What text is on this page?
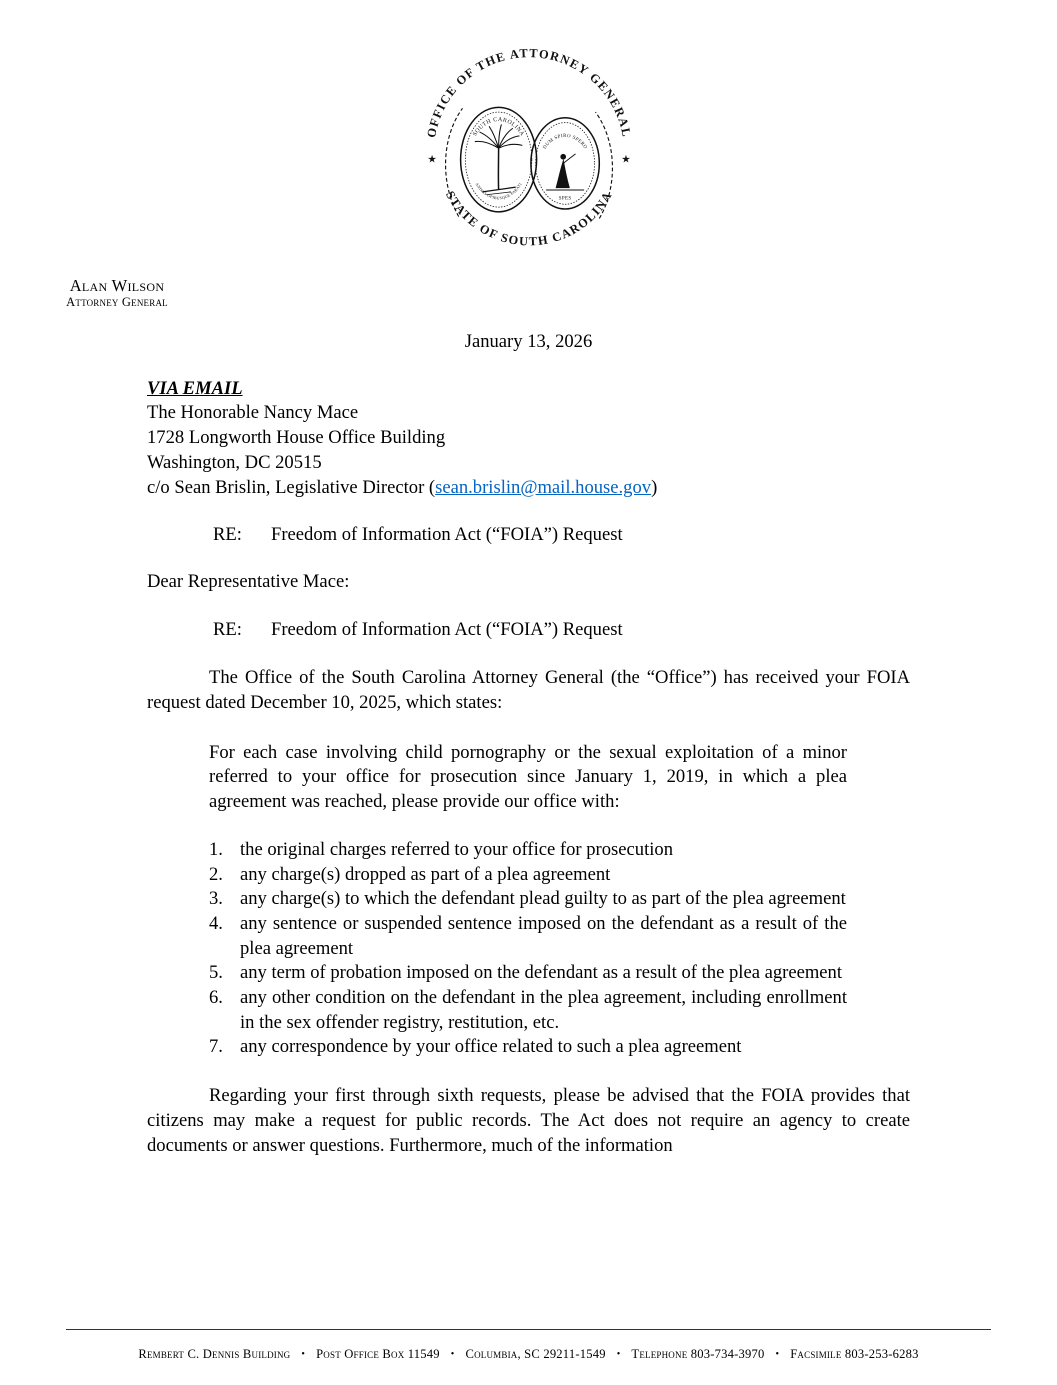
OFFICE OF THE ATTORNEY GENERAL
STATE OF SOUTH CAROLINA
★	★
SOUTH CAROLINA
ANIMIS OPIBUSQUE PARATI
DUM SPIRO SPERO
SPES
Alan Wilson
Attorney General
January 13, 2026
VIA EMAIL
The Honorable Nancy Mace
1728 Longworth House Office Building
Washington, DC 20515
c/o Sean Brislin, Legislative Director (sean.brislin@mail.house.gov)
RE: Freedom of Information Act (“FOIA”) Request
Dear Representative Mace:
RE: Freedom of Information Act (“FOIA”) Request

The Office of the South Carolina Attorney General (the “Office”) has received your FOIA request dated December 10, 2025, which states:

For each case involving child pornography or the sexual exploitation of a minor referred to your office for prosecution since January 1, 2019, in which a plea agreement was reached, please provide our office with:

the original charges referred to your office for prosecution
any charge(s) dropped as part of a plea agreement
any charge(s) to which the defendant plead guilty to as part of the plea agreement
any sentence or suspended sentence imposed on the defendant as a result of the plea agreement
any term of probation imposed on the defendant as a result of the plea agreement
any other condition on the defendant in the plea agreement, including enrollment in the sex offender registry, restitution, etc.
any correspondence by your office related to such a plea agreement

Regarding your first through sixth requests, please be advised that the FOIA provides that citizens may make a request for public records. The Act does not require an agency to create documents or answer questions. Furthermore, much of the information

Rembert C. Dennis Building • Post Office Box 11549 • Columbia, SC 29211-1549 • Telephone 803-734-3970 • Facsimile 803-253-6283
